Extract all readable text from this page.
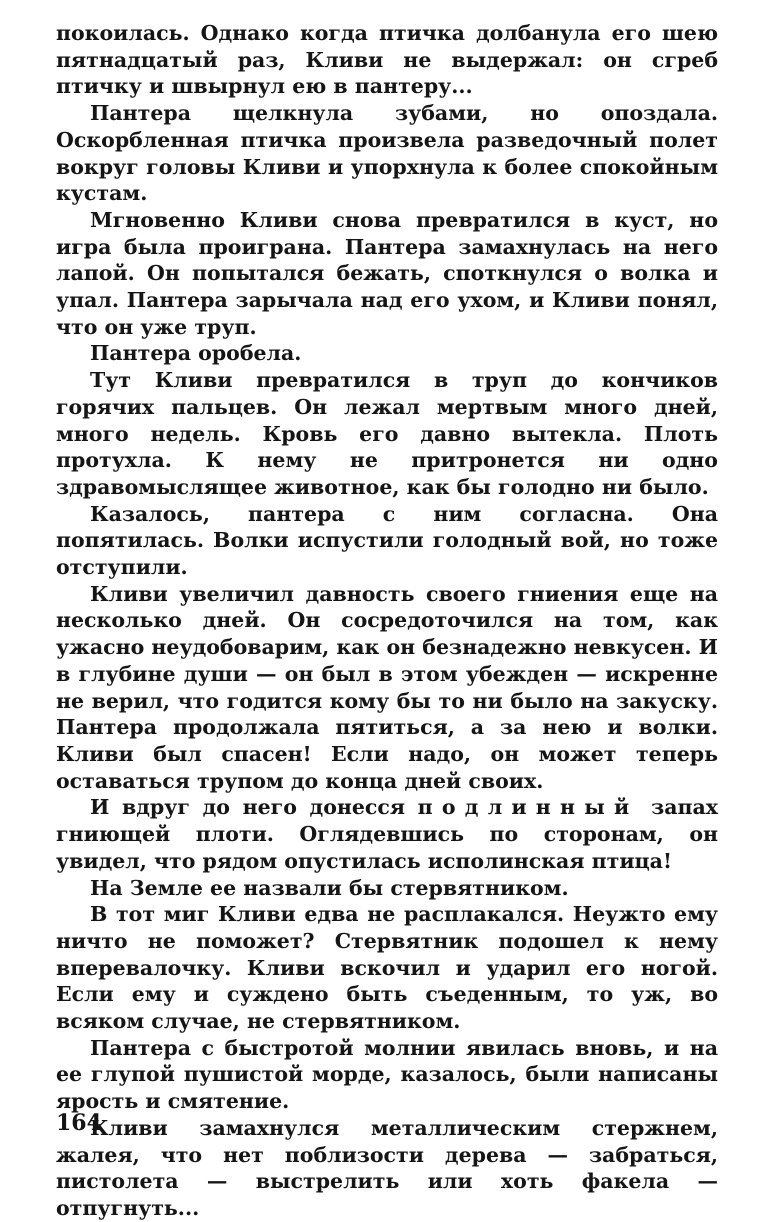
покоилась. Однако когда птичка долбанула его шею пятнадцатый раз, Кливи не выдержал: он сгреб птичку и швырнул ею в пантеру...

Пантера щелкнула зубами, но опоздала. Оскорбленная птичка произвела разведочный полет вокруг головы Кливи и упорхнула к более спокойным кустам.

Мгновенно Кливи снова превратился в куст, но игра была проиграна. Пантера замахнулась на него лапой. Он попытался бежать, споткнулся о волка и упал. Пантера зарычала над его ухом, и Кливи понял, что он уже труп.

Пантера оробела.

Тут Кливи превратился в труп до кончиков горячих пальцев. Он лежал мертвым много дней, много недель. Кровь его давно вытекла. Плоть протухла. К нему не притронется ни одно здравомыслящее животное, как бы голодно ни было.

Казалось, пантера с ним согласна. Она попятилась. Волки испустили голодный вой, но тоже отступили.

Кливи увеличил давность своего гниения еще на несколько дней. Он сосредоточился на том, как ужасно неудобоварим, как он безнадежно невкусен. И в глубине души — он был в этом убежден — искренне не верил, что годится кому бы то ни было на закуску. Пантера продолжала пятиться, а за нею и волки. Кливи был спасен! Если надо, он может теперь оставаться трупом до конца дней своих.

И вдруг до него донесся подлинный запах гниющей плоти. Оглядевшись по сторонам, он увидел, что рядом опустилась исполинская птица!

На Земле ее назвали бы стервятником.

В тот миг Кливи едва не расплакался. Неужто ему ничто не поможет? Стервятник подошел к нему вперевалочку. Кливи вскочил и ударил его ногой. Если ему и суждено быть съеденным, то уж, во всяком случае, не стервятником.

Пантера с быстротой молнии явилась вновь, и на ее глупой пушистой морде, казалось, были написаны ярость и смятение.

Кливи замахнулся металлическим стержнем, жалея, что нет поблизости дерева — забраться, пистолета — выстрелить или хоть факела — отпугнуть...

164
